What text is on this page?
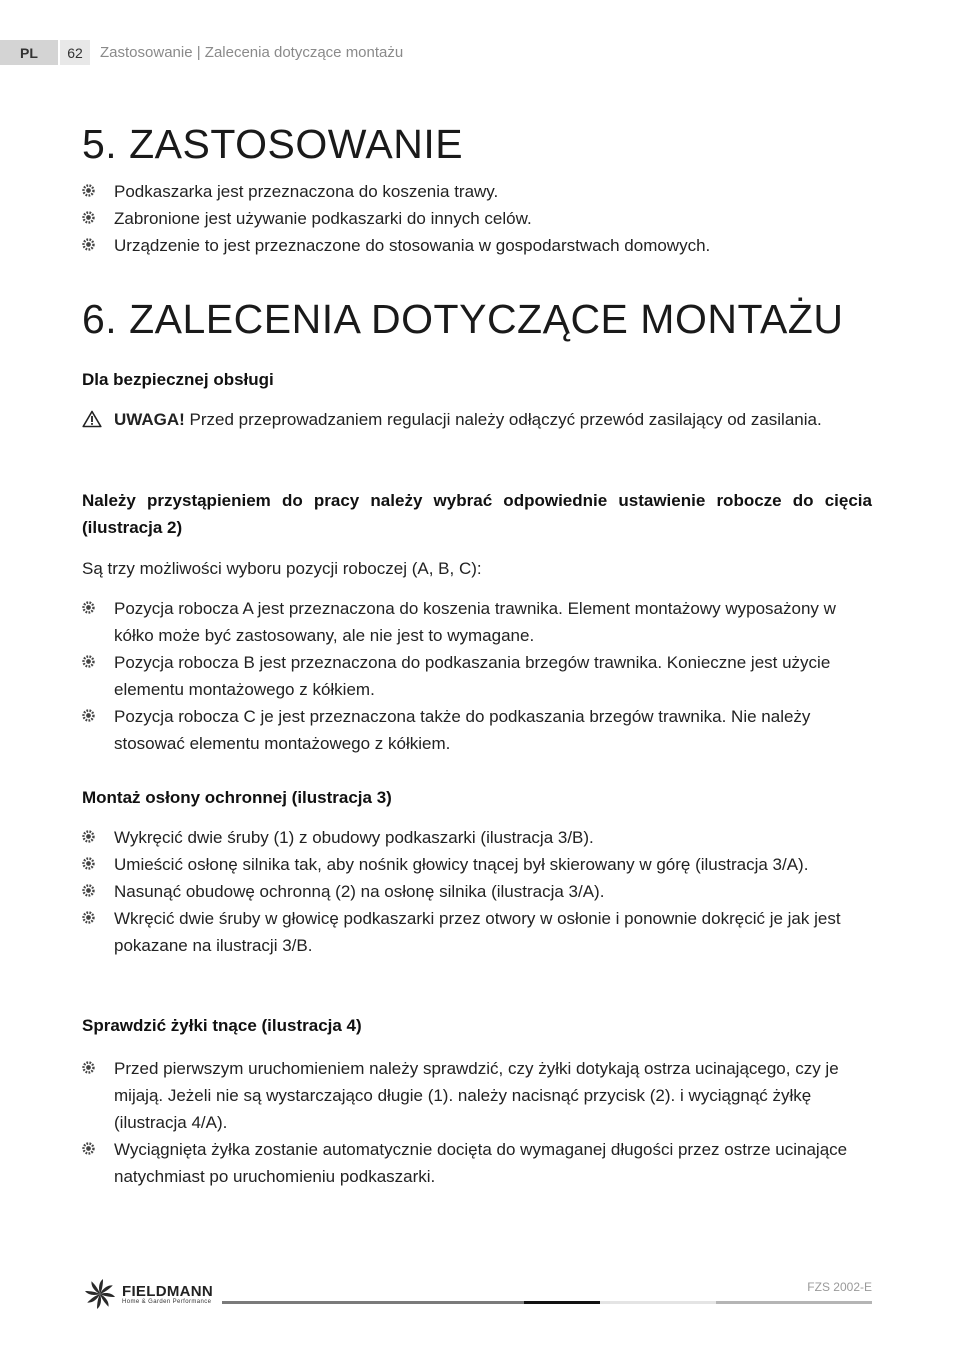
PL	62	Zastosowanie | Zalecenia dotyczące montażu
5. ZASTOSOWANIE
Podkaszarka jest przeznaczona do koszenia trawy.
Zabronione jest używanie podkaszarki do innych celów.
Urządzenie to jest przeznaczone do stosowania w gospodarstwach domowych.
6. ZALECENIA DOTYCZĄCE MONTAŻU
Dla bezpiecznej obsługi
UWAGA! Przed przeprowadzaniem regulacji należy odłączyć przewód zasilający od zasilania.

Należy przystąpieniem do pracy należy wybrać odpowiednie ustawienie robocze do cięcia (ilustracja 2)

Są trzy możliwości wyboru pozycji roboczej (A, B, C):

Pozycja robocza A jest przeznaczona do koszenia trawnika. Element montażowy wyposażony w kółko może być zastosowany, ale nie jest to wymagane.
Pozycja robocza B jest przeznaczona do podkaszania brzegów trawnika. Konieczne jest użycie elementu montażowego z kółkiem.
Pozycja robocza C je jest przeznaczona także do podkaszania brzegów trawnika. Nie należy stosować elementu montażowego z kółkiem.
Montaż osłony ochronnej (ilustracja 3)
Wykręcić dwie śruby (1) z obudowy podkaszarki (ilustracja 3/B).
Umieścić osłonę silnika tak, aby nośnik głowicy tnącej był skierowany w górę (ilustracja 3/A).
Nasunąć obudowę ochronną (2) na osłonę silnika (ilustracja 3/A).
Wkręcić dwie śruby w głowicę podkaszarki przez otwory w osłonie i ponownie dokręcić je jak jest pokazane na ilustracji 3/B.
Sprawdzić żyłki tnące (ilustracja 4)
Przed pierwszym uruchomieniem należy sprawdzić, czy żyłki dotykają ostrza ucinającego, czy je mijają. Jeżeli nie są wystarczająco długie (1). należy nacisnąć przycisk (2). i wyciągnąć żyłkę (ilustracja 4/A).
Wyciągnięta żyłka zostanie automatycznie docięta do wymaganej długości przez ostrze ucinające natychmiast po uruchomieniu podkaszarki.
FIELDMANN
Home & Garden Performance
FZS 2002-E
